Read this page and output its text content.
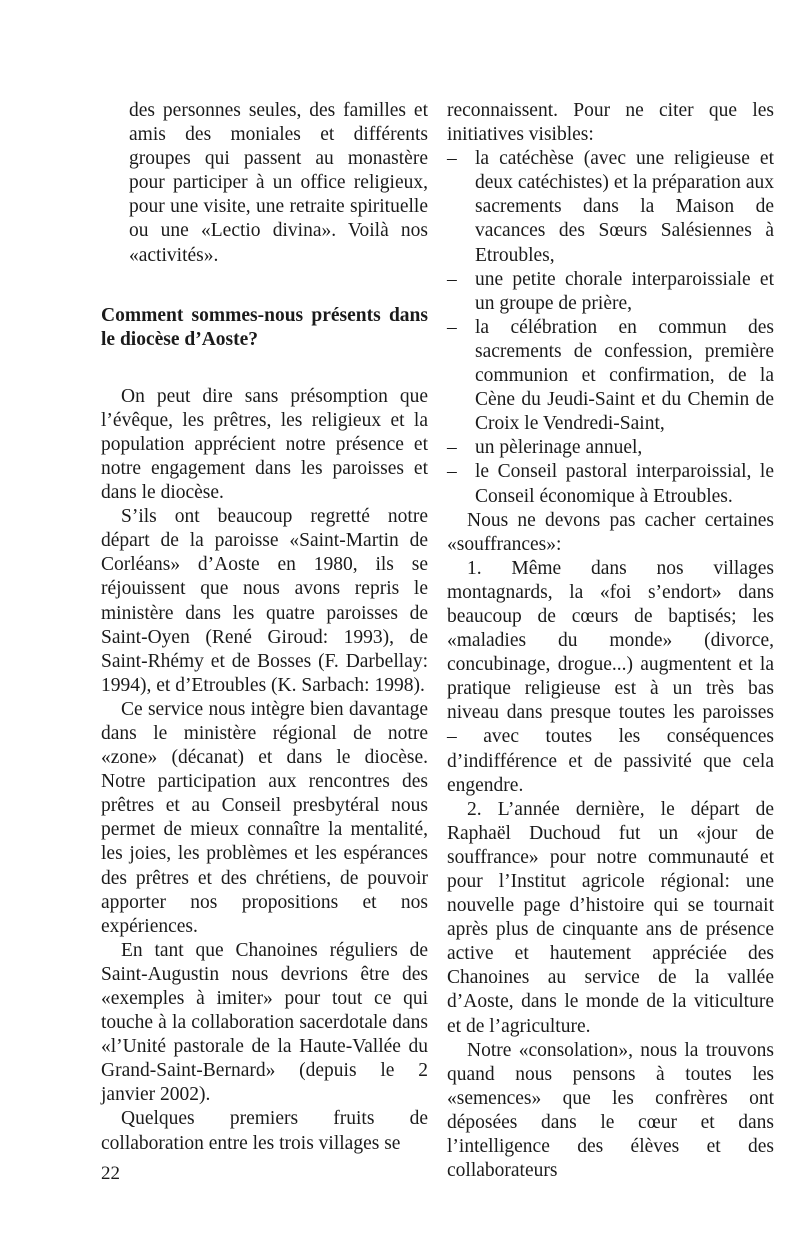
des personnes seules, des familles et amis des moniales et différents groupes qui passent au monastère pour participer à un office religieux, pour une visite, une retraite spirituelle ou une «Lectio divina». Voilà nos «activités».

Comment sommes-nous présents dans le diocèse d’Aoste?

On peut dire sans présomption que l’évêque, les prêtres, les religieux et la population apprécient notre présence et notre engagement dans les paroisses et dans le diocèse.

S’ils ont beaucoup regretté notre départ de la paroisse «Saint-Martin de Corléans» d’Aoste en 1980, ils se réjouissent que nous avons repris le ministère dans les quatre paroisses de Saint-Oyen (René Giroud: 1993), de Saint-Rhémy et de Bosses (F. Darbellay: 1994), et d’Etroubles (K. Sarbach: 1998).

Ce service nous intègre bien davantage dans le ministère régional de notre «zone» (décanat) et dans le diocèse. Notre participation aux rencontres des prêtres et au Conseil presbytéral nous permet de mieux connaître la mentalité, les joies, les problèmes et les espérances des prêtres et des chrétiens, de pouvoir apporter nos propositions et nos expériences.

En tant que Chanoines réguliers de Saint-Augustin nous devrions être des «exemples à imiter» pour tout ce qui touche à la collaboration sacerdotale dans «l’Unité pastorale de la Haute-Vallée du Grand-Saint-Bernard» (depuis le 2 janvier 2002).

Quelques premiers fruits de collaboration entre les trois villages se

reconnaissent. Pour ne citer que les initiatives visibles:

– la catéchèse (avec une religieuse et deux catéchistes) et la préparation aux sacrements dans la Maison de vacances des Sœurs Salésiennes à Etroubles,
– une petite chorale interparoissiale et un groupe de prière,
– la célébration en commun des sacrements de confession, première communion et confirmation, de la Cène du Jeudi-Saint et du Chemin de Croix le Vendredi-Saint,
– un pèlerinage annuel,
– le Conseil pastoral interparoissial, le Conseil économique à Etroubles.

Nous ne devons pas cacher certaines «souffrances»:

1. Même dans nos villages montagnards, la «foi s’endort» dans beaucoup de cœurs de baptisés; les «maladies du monde» (divorce, concubinage, drogue...) augmentent et la pratique religieuse est à un très bas niveau dans presque toutes les paroisses – avec toutes les conséquences d’indifférence et de passivité que cela engendre.

2. L’année dernière, le départ de Raphaël Duchoud fut un «jour de souffrance» pour notre communauté et pour l’Institut agricole régional: une nouvelle page d’histoire qui se tournait après plus de cinquante ans de présence active et hautement appréciée des Chanoines au service de la vallée d’Aoste, dans le monde de la viticulture et de l’agriculture.

Notre «consolation», nous la trouvons quand nous pensons à toutes les «semences» que les confrères ont déposées dans le cœur et dans l’intelligence des élèves et des collaborateurs

22
